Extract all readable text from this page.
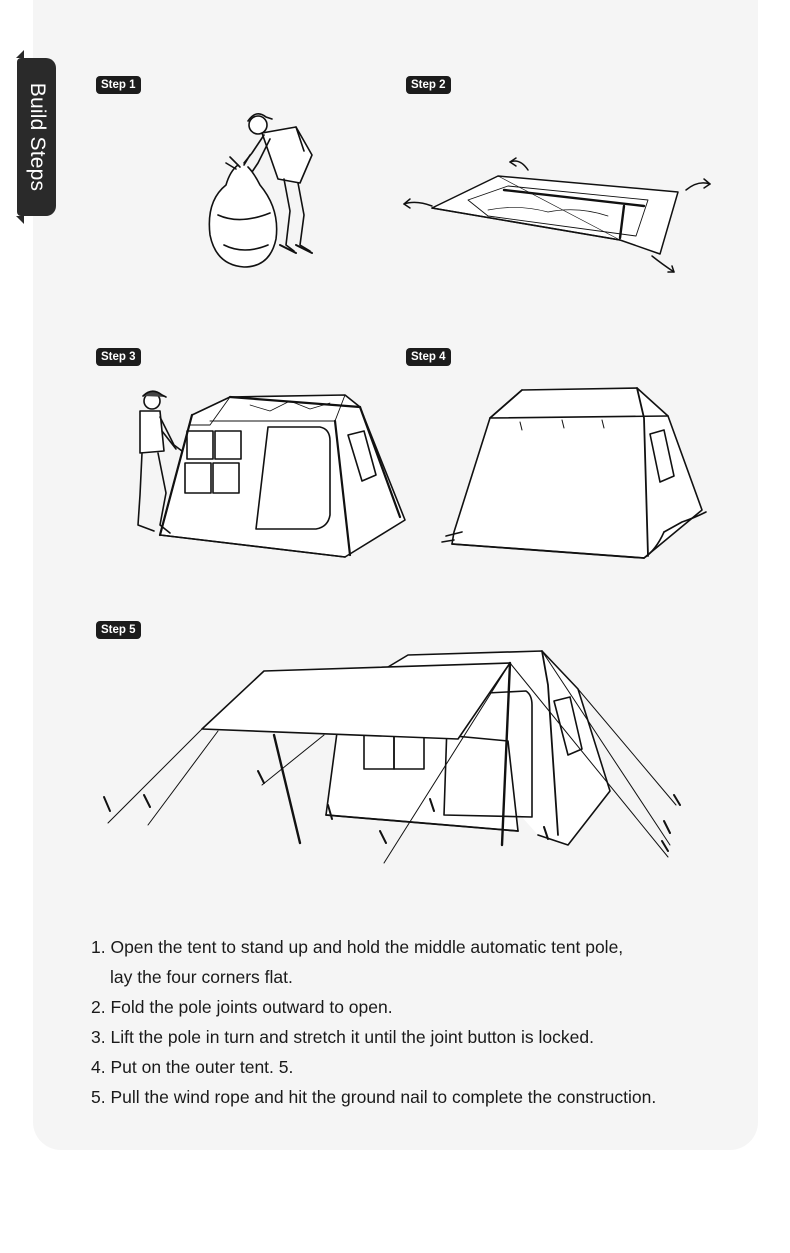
Build Steps	Step 1	Step 2
Step 3	Step 4
Step 5
1. Open the tent to stand up and hold the middle automatic tent pole,
lay the four corners flat.
2. Fold the pole joints outward to open.
3. Lift the pole in turn and stretch it until the joint button is locked.
4. Put on the outer tent. 5.
5. Pull the wind rope and hit the ground nail to complete the construction.
